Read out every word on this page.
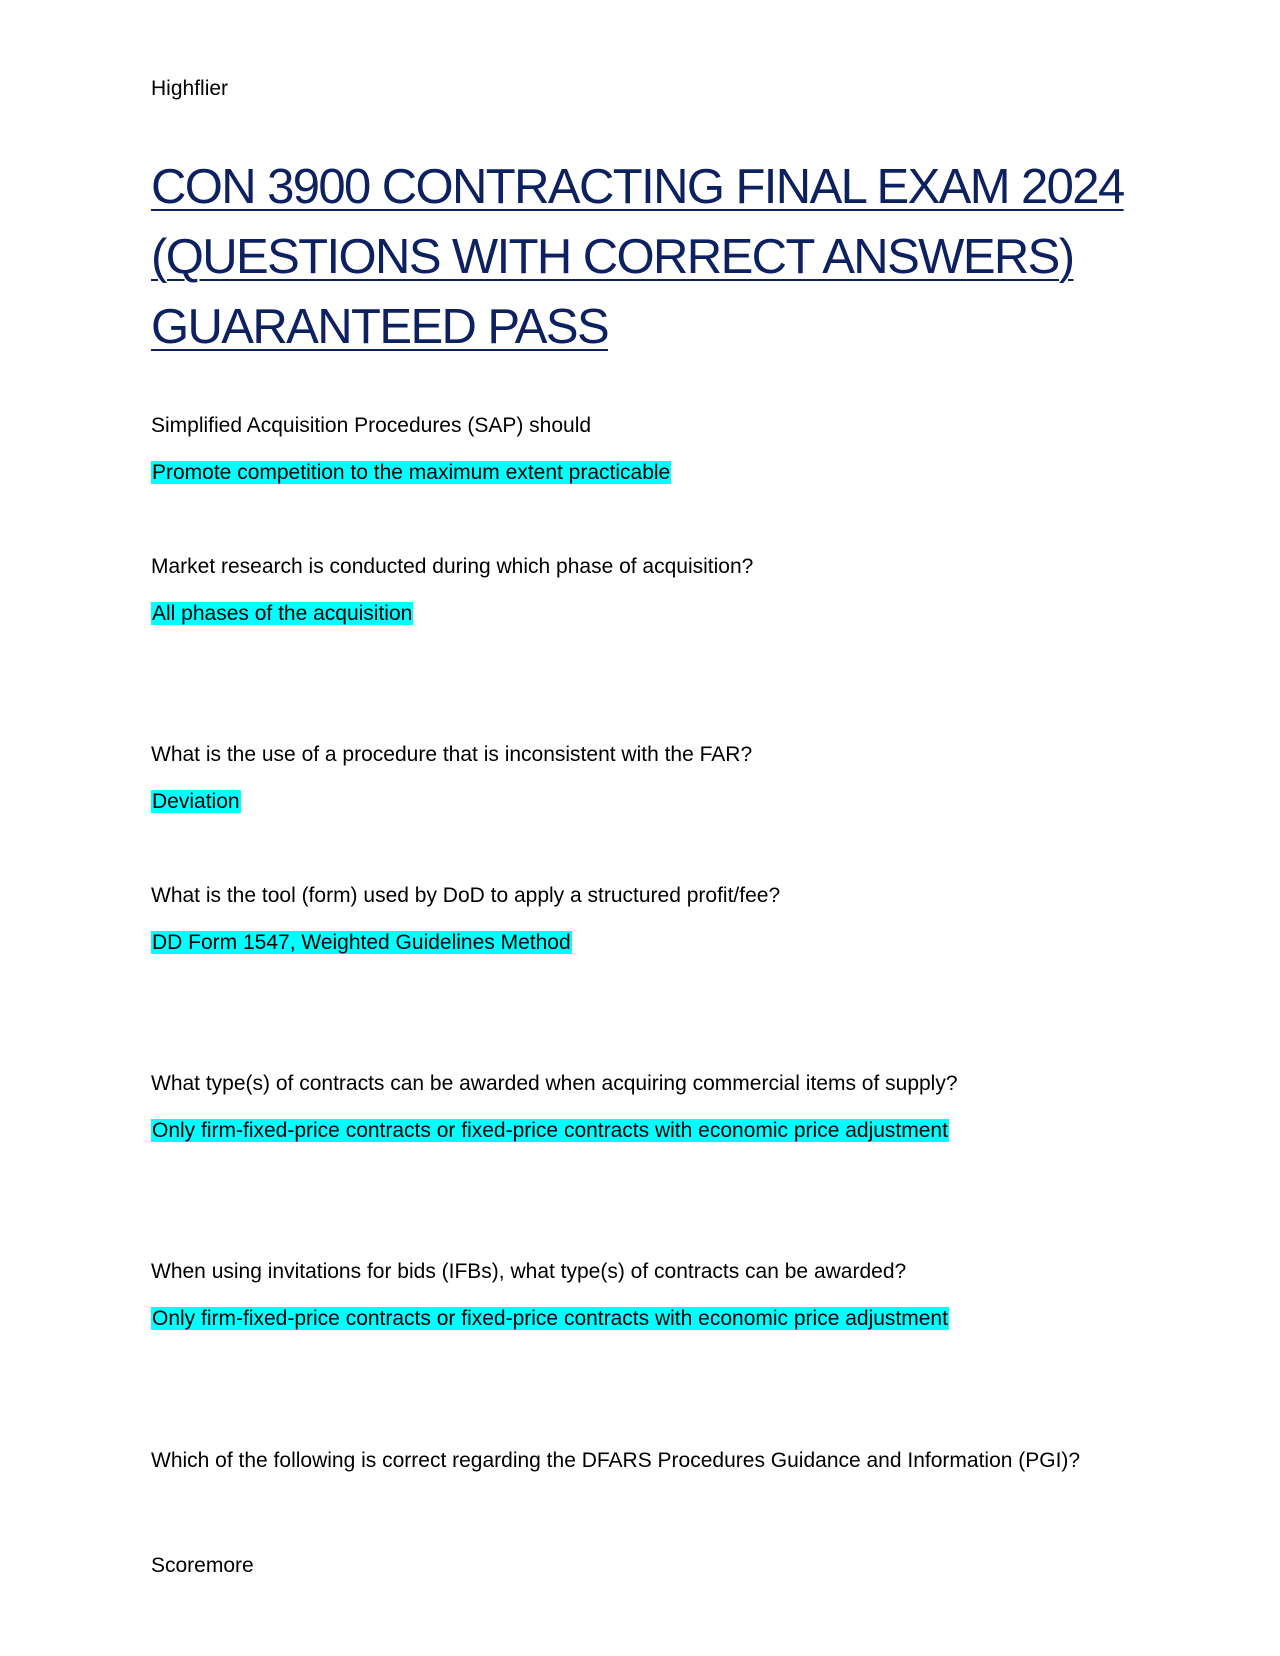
Highflier
CON 3900 CONTRACTING FINAL EXAM 2024 (QUESTIONS WITH CORRECT ANSWERS) GUARANTEED PASS

Simplified Acquisition Procedures (SAP) should

Promote competition to the maximum extent practicable

Market research is conducted during which phase of acquisition?

All phases of the acquisition

What is the use of a procedure that is inconsistent with the FAR?

Deviation

What is the tool (form) used by DoD to apply a structured profit/fee?

DD Form 1547, Weighted Guidelines Method

What type(s) of contracts can be awarded when acquiring commercial items of supply?

Only firm-fixed-price contracts or fixed-price contracts with economic price adjustment

When using invitations for bids (IFBs), what type(s) of contracts can be awarded?

Only firm-fixed-price contracts or fixed-price contracts with economic price adjustment

Which of the following is correct regarding the DFARS Procedures Guidance and Information (PGI)?

Scoremore
